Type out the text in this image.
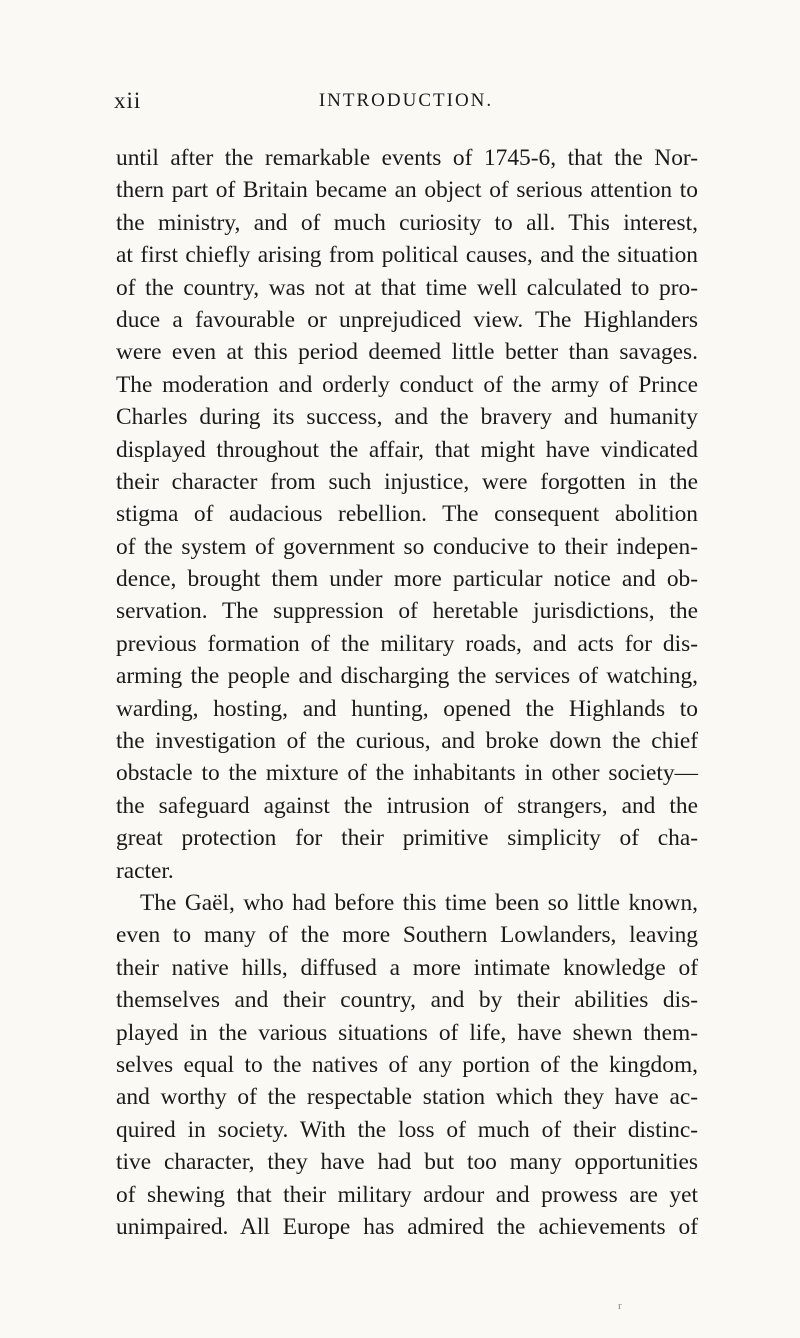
xii	INTRODUCTION.
until after the remarkable events of 1745-6, that the Nor-
thern part of Britain became an object of serious attention to
the ministry, and of much curiosity to all. This interest,
at first chiefly arising from political causes, and the situation
of the country, was not at that time well calculated to pro-
duce a favourable or unprejudiced view. The Highlanders
were even at this period deemed little better than savages.
The moderation and orderly conduct of the army of Prince
Charles during its success, and the bravery and humanity
displayed throughout the affair, that might have vindicated
their character from such injustice, were forgotten in the
stigma of audacious rebellion. The consequent abolition
of the system of government so conducive to their indepen-
dence, brought them under more particular notice and ob-
servation. The suppression of heretable jurisdictions, the
previous formation of the military roads, and acts for dis-
arming the people and discharging the services of watching,
warding, hosting, and hunting, opened the Highlands to
the investigation of the curious, and broke down the chief
obstacle to the mixture of the inhabitants in other society—
the safeguard against the intrusion of strangers, and the
great protection for their primitive simplicity of cha-
racter.
The Gaël, who had before this time been so little known,
even to many of the more Southern Lowlanders, leaving
their native hills, diffused a more intimate knowledge of
themselves and their country, and by their abilities dis-
played in the various situations of life, have shewn them-
selves equal to the natives of any portion of the kingdom,
and worthy of the respectable station which they have ac-
quired in society. With the loss of much of their distinc-
tive character, they have had but too many opportunities
of shewing that their military ardour and prowess are yet
unimpaired. All Europe has admired the achievements of
r
